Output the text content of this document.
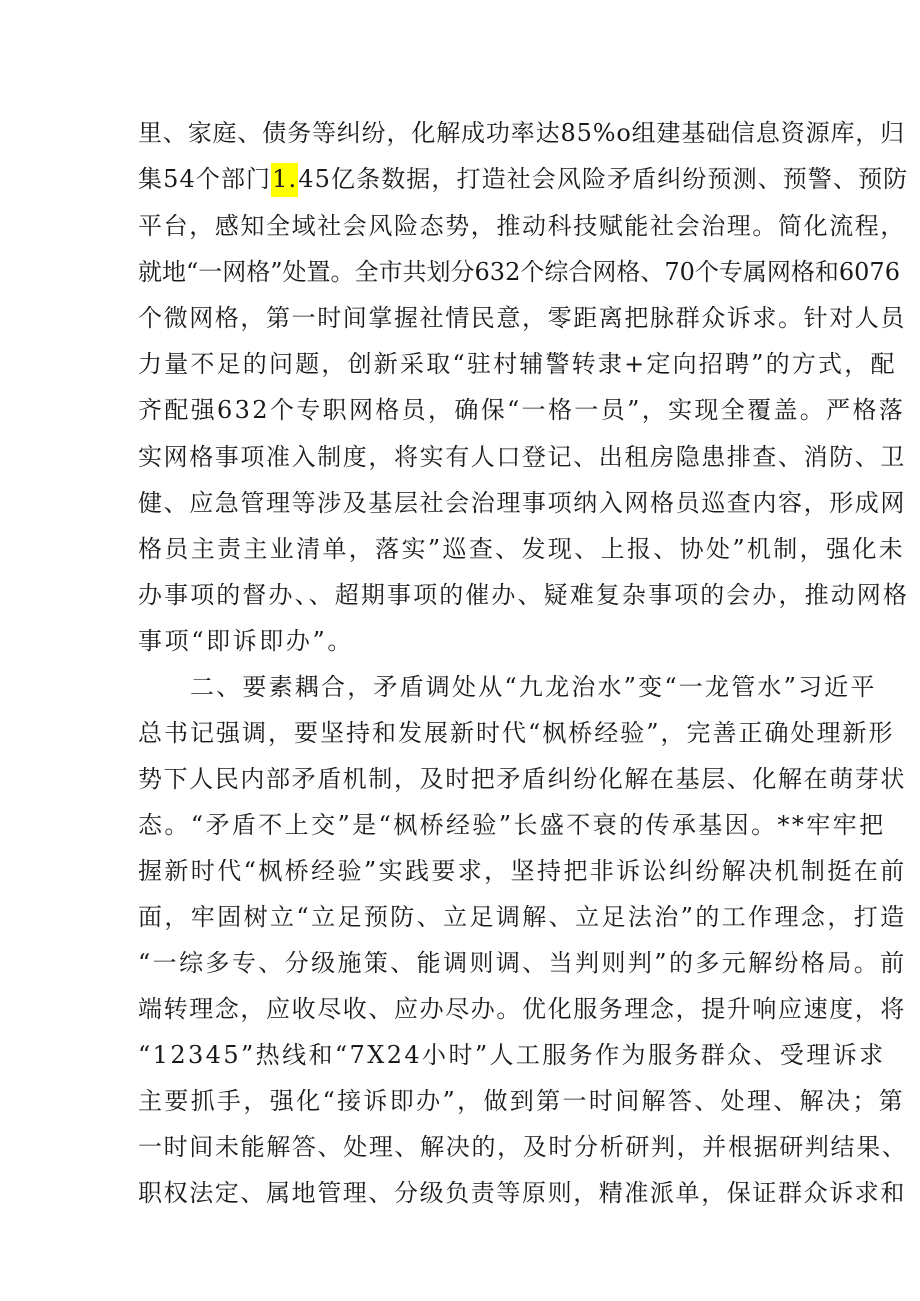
里、家庭、债务等纠纷，化解成功率达85%o组建基础信息资源库，归
集54个部门1.45亿条数据，打造社会风险矛盾纠纷预测、预警、预防
平台，感知全域社会风险态势，推动科技赋能社会治理。简化流程，
就地“一网格”处置。全市共划分632个综合网格、70个专属网格和6076
个微网格，第一时间掌握社情民意，零距离把脉群众诉求。针对人员
力量不足的问题，创新采取“驻村辅警转隶+定向招聘”的方式，配
齐配强632个专职网格员，确保“一格一员”，实现全覆盖。严格落
实网格事项准入制度，将实有人口登记、出租房隐患排查、消防、卫
健、应急管理等涉及基层社会治理事项纳入网格员巡查内容，形成网
格员主责主业清单，落实”巡查、发现、上报、协处”机制，强化未
办事项的督办、、超期事项的催办、疑难复杂事项的会办，推动网格
事项“即诉即办”。
二、要素耦合，矛盾调处从“九龙治水”变“一龙管水”习近平
总书记强调，要坚持和发展新时代“枫桥经验”，完善正确处理新形
势下人民内部矛盾机制，及时把矛盾纠纷化解在基层、化解在萌芽状
态。“矛盾不上交”是“枫桥经验”长盛不衰的传承基因。**牢牢把
握新时代“枫桥经验”实践要求，坚持把非诉讼纠纷解决机制挺在前
面，牢固树立“立足预防、立足调解、立足法治”的工作理念，打造
“一综多专、分级施策、能调则调、当判则判”的多元解纷格局。前
端转理念，应收尽收、应办尽办。优化服务理念，提升响应速度，将
“12345”热线和“7X24小时”人工服务作为服务群众、受理诉求
主要抓手，强化“接诉即办”，做到第一时间解答、处理、解决；第
一时间未能解答、处理、解决的，及时分析研判，并根据研判结果、
职权法定、属地管理、分级负责等原则，精准派单，保证群众诉求和
